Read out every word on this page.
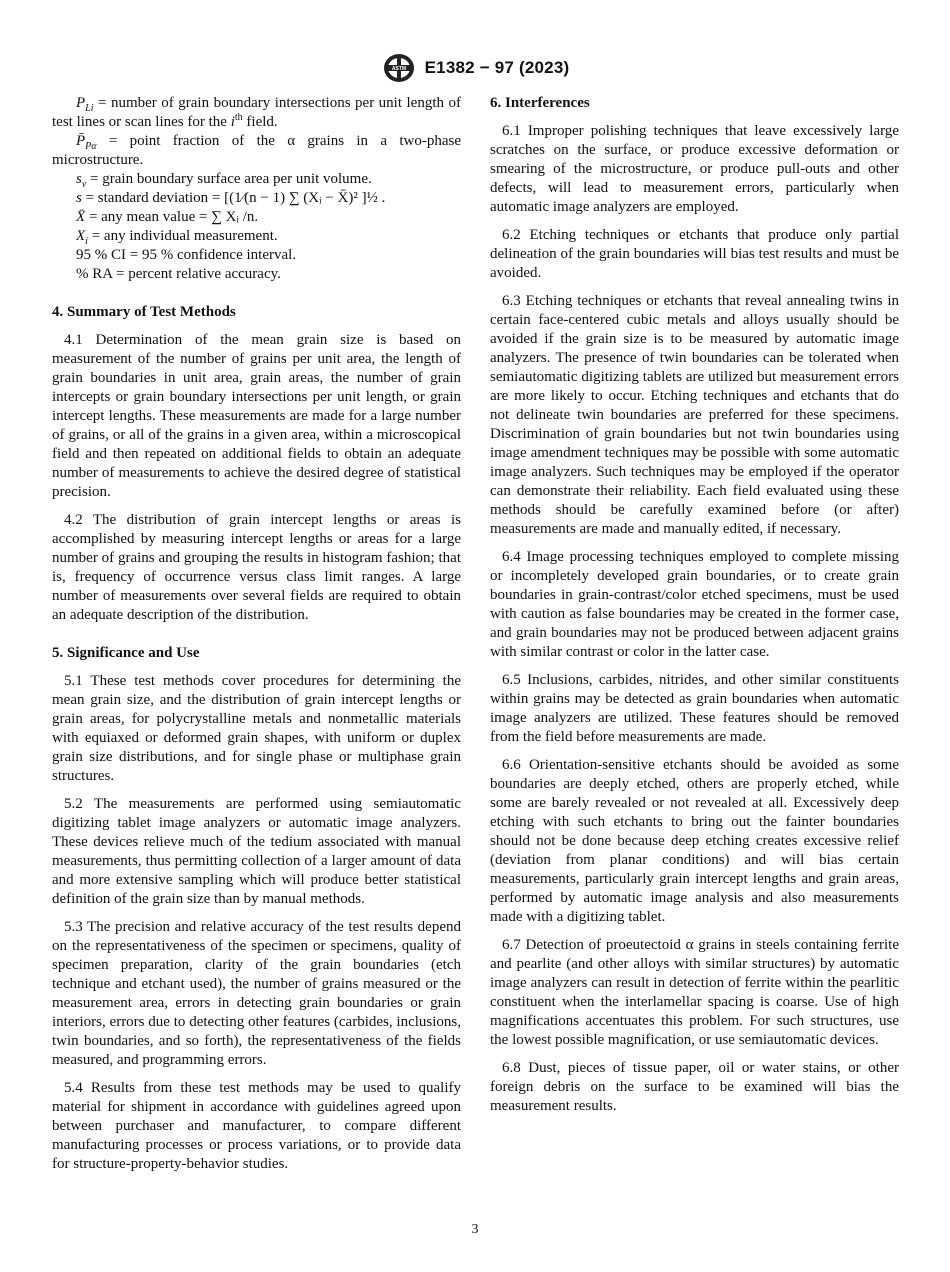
ASTM E1382 − 97 (2023)

$P_{Li}$ = number of grain boundary intersections per unit length of test lines or scan lines for the $i^{th}$ field.

$P̄_{P\alpha}$ = point fraction of the α grains in a two-phase microstructure.

$s_v$ = grain boundary surface area per unit volume.

s = standard deviation = [(1⁄(n − 1) ∑ (Xᵢ − X̄)² ]½ .

X̄ = any mean value = ∑ Xᵢ /n.

$X_i$ = any individual measurement.

95 % CI = 95 % confidence interval.

% RA = percent relative accuracy.

4. Summary of Test Methods

4.1 Determination of the mean grain size is based on measurement of the number of grains per unit area, the length of grain boundaries in unit area, grain areas, the number of grain intercepts or grain boundary intersections per unit length, or grain intercept lengths. These measurements are made for a large number of grains, or all of the grains in a given area, within a microscopical field and then repeated on additional fields to obtain an adequate number of measurements to achieve the desired degree of statistical precision.

4.2 The distribution of grain intercept lengths or areas is accomplished by measuring intercept lengths or areas for a large number of grains and grouping the results in histogram fashion; that is, frequency of occurrence versus class limit ranges. A large number of measurements over several fields are required to obtain an adequate description of the distribution.

5. Significance and Use

5.1 These test methods cover procedures for determining the mean grain size, and the distribution of grain intercept lengths or grain areas, for polycrystalline metals and nonmetallic materials with equiaxed or deformed grain shapes, with uniform or duplex grain size distributions, and for single phase or multiphase grain structures.

5.2 The measurements are performed using semiautomatic digitizing tablet image analyzers or automatic image analyzers. These devices relieve much of the tedium associated with manual measurements, thus permitting collection of a larger amount of data and more extensive sampling which will produce better statistical definition of the grain size than by manual methods.

5.3 The precision and relative accuracy of the test results depend on the representativeness of the specimen or specimens, quality of specimen preparation, clarity of the grain boundaries (etch technique and etchant used), the number of grains measured or the measurement area, errors in detecting grain boundaries or grain interiors, errors due to detecting other features (carbides, inclusions, twin boundaries, and so forth), the representativeness of the fields measured, and programming errors.

5.4 Results from these test methods may be used to qualify material for shipment in accordance with guidelines agreed upon between purchaser and manufacturer, to compare different manufacturing processes or process variations, or to provide data for structure-property-behavior studies.

6. Interferences

6.1 Improper polishing techniques that leave excessively large scratches on the surface, or produce excessive deformation or smearing of the microstructure, or produce pull-outs and other defects, will lead to measurement errors, particularly when automatic image analyzers are employed.

6.2 Etching techniques or etchants that produce only partial delineation of the grain boundaries will bias test results and must be avoided.

6.3 Etching techniques or etchants that reveal annealing twins in certain face-centered cubic metals and alloys usually should be avoided if the grain size is to be measured by automatic image analyzers. The presence of twin boundaries can be tolerated when semiautomatic digitizing tablets are utilized but measurement errors are more likely to occur. Etching techniques and etchants that do not delineate twin boundaries are preferred for these specimens. Discrimination of grain boundaries but not twin boundaries using image amendment techniques may be possible with some automatic image analyzers. Such techniques may be employed if the operator can demonstrate their reliability. Each field evaluated using these methods should be carefully examined before (or after) measurements are made and manually edited, if necessary.

6.4 Image processing techniques employed to complete missing or incompletely developed grain boundaries, or to create grain boundaries in grain-contrast/color etched specimens, must be used with caution as false boundaries may be created in the former case, and grain boundaries may not be produced between adjacent grains with similar contrast or color in the latter case.

6.5 Inclusions, carbides, nitrides, and other similar constituents within grains may be detected as grain boundaries when automatic image analyzers are utilized. These features should be removed from the field before measurements are made.

6.6 Orientation-sensitive etchants should be avoided as some boundaries are deeply etched, others are properly etched, while some are barely revealed or not revealed at all. Excessively deep etching with such etchants to bring out the fainter boundaries should not be done because deep etching creates excessive relief (deviation from planar conditions) and will bias certain measurements, particularly grain intercept lengths and grain areas, performed by automatic image analysis and also measurements made with a digitizing tablet.

6.7 Detection of proeutectoid α grains in steels containing ferrite and pearlite (and other alloys with similar structures) by automatic image analyzers can result in detection of ferrite within the pearlitic constituent when the interlamellar spacing is coarse. Use of high magnifications accentuates this problem. For such structures, use the lowest possible magnification, or use semiautomatic devices.

6.8 Dust, pieces of tissue paper, oil or water stains, or other foreign debris on the surface to be examined will bias the measurement results.

3
